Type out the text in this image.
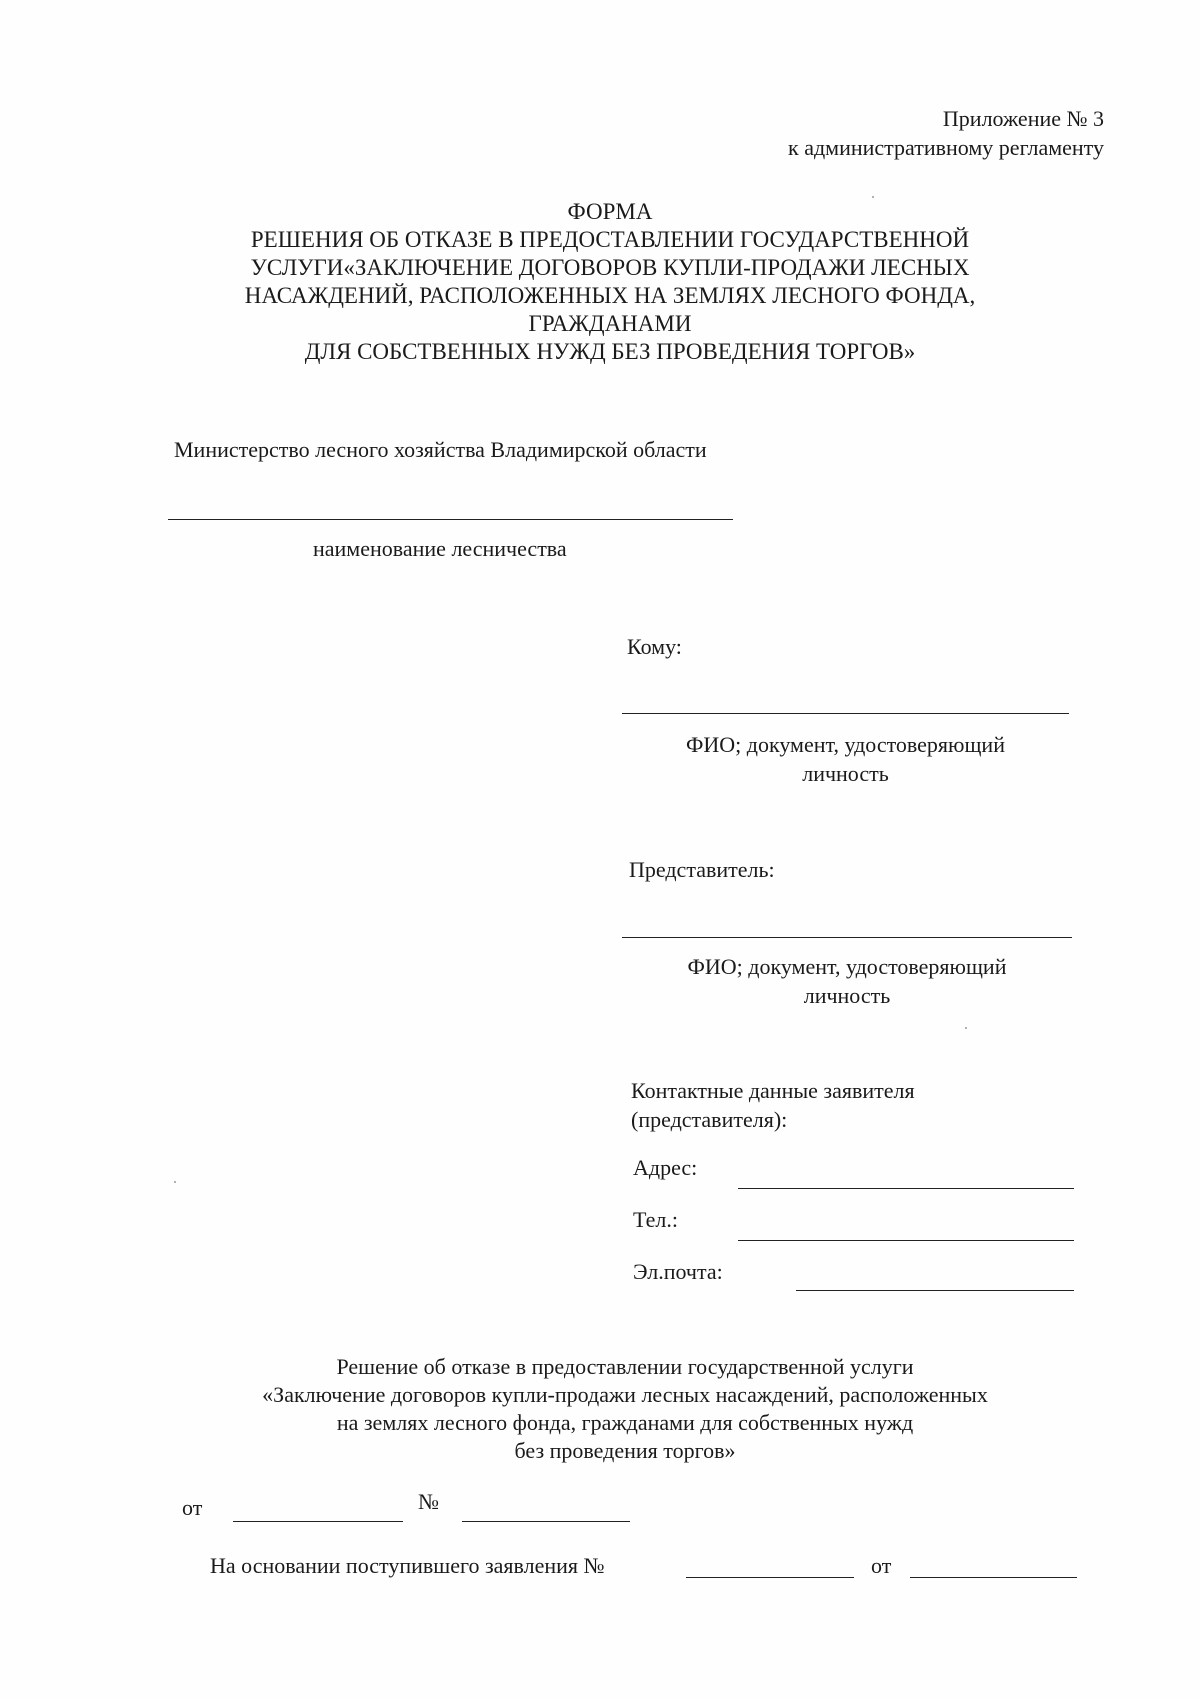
Приложение № 3
к административному регламенту
ФОРМА
РЕШЕНИЯ ОБ ОТКАЗЕ В ПРЕДОСТАВЛЕНИИ ГОСУДАРСТВЕННОЙ
УСЛУГИ«ЗАКЛЮЧЕНИЕ ДОГОВОРОВ КУПЛИ-ПРОДАЖИ ЛЕСНЫХ
НАСАЖДЕНИЙ, РАСПОЛОЖЕННЫХ НА ЗЕМЛЯХ ЛЕСНОГО ФОНДА,
ГРАЖДАНАМИ
ДЛЯ СОБСТВЕННЫХ НУЖД БЕЗ ПРОВЕДЕНИЯ ТОРГОВ»
Министерство лесного хозяйства Владимирской области
наименование лесничества
Кому:
ФИО; документ, удостоверяющий
личность
Представитель:
ФИО; документ, удостоверяющий
личность
Контактные данные заявителя
(представителя):
Адрес:
Тел.:
Эл.почта:
Решение об отказе в предоставлении государственной услуги
«Заключение договоров купли-продажи лесных насаждений, расположенных
на землях лесного фонда, гражданами для собственных нужд
без проведения торгов»
от	№
На основании поступившего заявления №	от
